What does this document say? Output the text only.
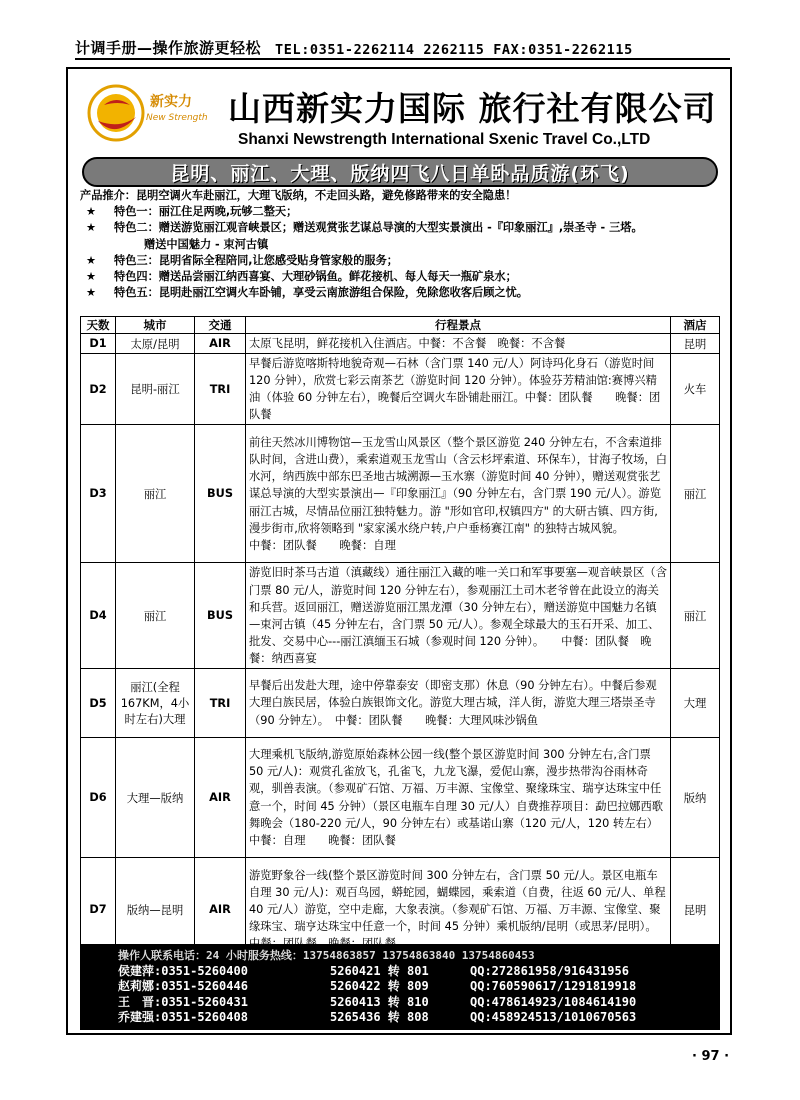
计调手册—操作旅游更轻松 TEL:0351-2262114 2262115 FAX:0351-2262115
新实力
New Strength 山西新实力国际 旅行社有限公司
Shanxi Newstrength International Sxenic Travel Co.,LTD
昆明、丽江、大理、版纳四飞八日单卧品质游(环飞)
产品推介：昆明空调火车赴丽江，大理飞版纳，不走回头路，避免修路带来的安全隐患！
★ 特色一：丽江住足两晚,玩够二整天；
★ 特色二：赠送游览丽江观音峡景区；赠送观赏张艺谋总导演的大型实景演出 -『印象丽江』,崇圣寺 - 三塔。
赠送中国魅力 - 束河古镇
★ 特色三：昆明省际全程陪同,让您感受贴身管家般的服务；
★ 特色四：赠送品尝丽江纳西喜宴、大理砂锅鱼。鲜花接机、每人每天一瓶矿泉水；
★ 特色五：昆明赴丽江空调火车卧铺，享受云南旅游组合保险，免除您收客后顾之忧。
天数	城市	交通	行程景点	酒店
D1	太原/昆明	AIR	太原飞昆明，鲜花接机入住酒店。中餐：不含餐　晚餐：不含餐	昆明
D2	昆明-丽江	TRI	早餐后游览喀斯特地貌奇观—石林（含门票 140 元/人）阿诗玛化身石（游览时间 120 分钟），欣赏七彩云南茶艺（游览时间 120 分钟）。体验芬芳精油馆:赛博兴精油（体验 60 分钟左右），晚餐后空调火车卧铺赴丽江。中餐：团队餐　　晚餐：团队餐	火车
D3	丽江	BUS	前往天然冰川博物馆—玉龙雪山风景区（整个景区游览 240 分钟左右，不含索道排队时间，含进山费），乘索道观玉龙雪山（含云杉坪索道、环保车），甘海子牧场，白水河，纳西族中部东巴圣地古城溯源—玉水寨（游览时间 40 分钟），赠送观赏张艺谋总导演的大型实景演出—『印象丽江』（90 分钟左右，含门票 190 元/人）。游览丽江古城，尽情品位丽江独特魅力。游 "形如官印,权镇四方" 的大研古镇、四方街,漫步街市,欣将领略到 "家家溪水绕户转,户户垂杨赛江南" 的独特古城风貌。　　　　　中餐：团队餐　　晚餐：自理	丽江
D4	丽江	BUS	游览旧时茶马古道（滇藏线）通往丽江入藏的唯一关口和军事要塞—观音峡景区（含门票 80 元/人，游览时间 120 分钟左右），参观丽江土司木老爷曾在此设立的海关和兵营。返回丽江，赠送游览丽江黑龙潭（30 分钟左右），赠送游览中国魅力名镇—束河古镇（45 分钟左右，含门票 50 元/人）。参观全球最大的玉石开采、加工、批发、交易中心---丽江滇缅玉石城（参观时间 120 分钟）。　　中餐：团队餐　晚餐：纳西喜宴	丽江
D5	丽江(全程167KM，4小时左右)大理	TRI	早餐后出发赴大理，途中停靠泰安（即密支那）休息（90 分钟左右）。中餐后参观大理白族民居，体验白族银饰文化。游览大理古城，洋人街，游览大理三塔崇圣寺（90 分钟左）。　中餐：团队餐　　晚餐：大理风味沙锅鱼	大理
D6	大理—版纳	AIR	大理乘机飞版纳,游览原始森林公园一线(整个景区游览时间 300 分钟左右,含门票 50 元/人)：观赏孔雀放飞，孔雀飞，九龙飞瀑，爱伲山寨，漫步热带沟谷雨林奇观，驯兽表演。（参观矿石馆、万福、万丰源、宝像堂、聚缘珠宝、瑞亨达珠宝中任意一个，时间 45 分钟）（景区电瓶车自理 30 元/人）自费推荐项目：勐巴拉娜西歌舞晚会（180-220 元/人，90 分钟左右）或基诺山寨（120 元/人，120 转左右）　　中餐：自理　　晚餐：团队餐	版纳
D7	版纳—昆明	AIR	游览野象谷一线(整个景区游览时间 300 分钟左右，含门票 50 元/人。景区电瓶车自理 30 元/人)：观百鸟园，蟒蛇园，蝴蝶园，乘索道（自费，往返 60 元/人、单程 40 元/人）游览，空中走廊，大象表演。（参观矿石馆、万福、万丰源、宝像堂、聚缘珠宝、瑞亨达珠宝中任意一个，时间 45 分钟）乘机版纳/昆明（或思茅/昆明）。　　　	昆明
操作人联系电话：24 小时服务热线：13754863857 13754863840 13754860453
侯建萍:0351-5260400	5260421 转 801	QQ:272861958/916431956
赵莉娜:0351-5260446	5260422 转 809	QQ:760590617/1291819918
王　晋:0351-5260431	5260413 转 810	QQ:478614923/1084614190
乔建强:0351-5260408	5265436 转 808	QQ:458924513/1010670563
· 97 ·
